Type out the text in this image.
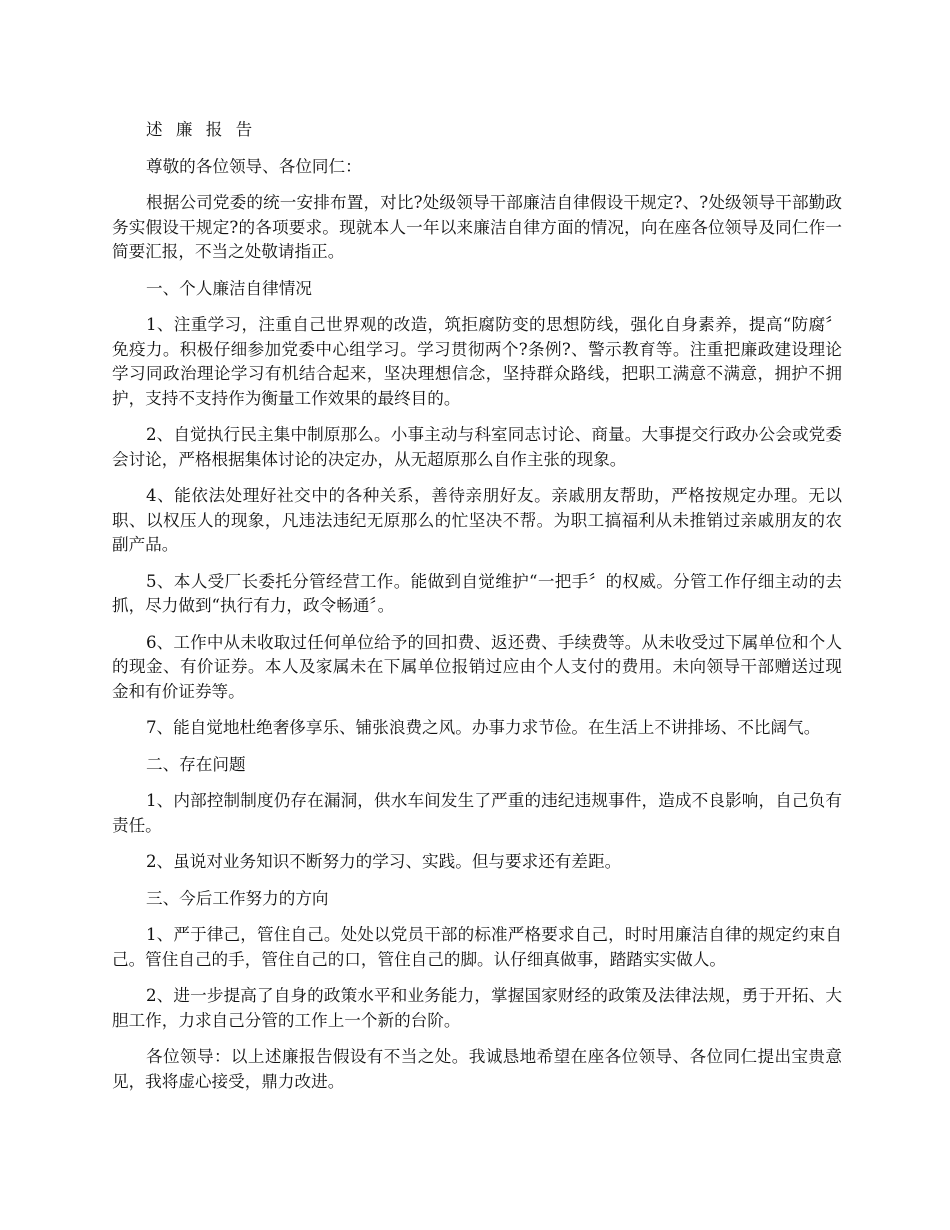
述 廉 报 告

尊敬的各位领导、各位同仁：

根据公司党委的统一安排布置，对比?处级领导干部廉洁自律假设干规定?、?处级领导干部勤政务实假设干规定?的各项要求。现就本人一年以来廉洁自律方面的情况，向在座各位领导及同仁作一简要汇报，不当之处敬请指正。

一、个人廉洁自律情况

1、注重学习，注重自己世界观的改造，筑拒腐防变的思想防线，强化自身素养，提高“防腐〞免疫力。积极仔细参加党委中心组学习。学习贯彻两个?条例?、警示教育等。注重把廉政建设理论学习同政治理论学习有机结合起来，坚决理想信念，坚持群众路线，把职工满意不满意，拥护不拥护，支持不支持作为衡量工作效果的最终目的。

2、自觉执行民主集中制原那么。小事主动与科室同志讨论、商量。大事提交行政办公会或党委会讨论，严格根据集体讨论的决定办，从无超原那么自作主张的现象。

4、能依法处理好社交中的各种关系，善待亲朋好友。亲戚朋友帮助，严格按规定办理。无以职、以权压人的现象，凡违法违纪无原那么的忙坚决不帮。为职工搞福利从未推销过亲戚朋友的农副产品。

5、本人受厂长委托分管经营工作。能做到自觉维护“一把手〞的权威。分管工作仔细主动的去抓，尽力做到“执行有力，政令畅通〞。

6、工作中从未收取过任何单位给予的回扣费、返还费、手续费等。从未收受过下属单位和个人的现金、有价证券。本人及家属未在下属单位报销过应由个人支付的费用。未向领导干部赠送过现金和有价证券等。

7、能自觉地杜绝奢侈享乐、铺张浪费之风。办事力求节俭。在生活上不讲排场、不比阔气。

二、存在问题

1、内部控制制度仍存在漏洞，供水车间发生了严重的违纪违规事件，造成不良影响，自己负有责任。

2、虽说对业务知识不断努力的学习、实践。但与要求还有差距。

三、今后工作努力的方向

1、严于律己，管住自己。处处以党员干部的标准严格要求自己，时时用廉洁自律的规定约束自己。管住自己的手，管住自己的口，管住自己的脚。认仔细真做事，踏踏实实做人。

2、进一步提高了自身的政策水平和业务能力，掌握国家财经的政策及法律法规，勇于开拓、大胆工作，力求自己分管的工作上一个新的台阶。

各位领导：以上述廉报告假设有不当之处。我诚恳地希望在座各位领导、各位同仁提出宝贵意见，我将虚心接受，鼎力改进。
